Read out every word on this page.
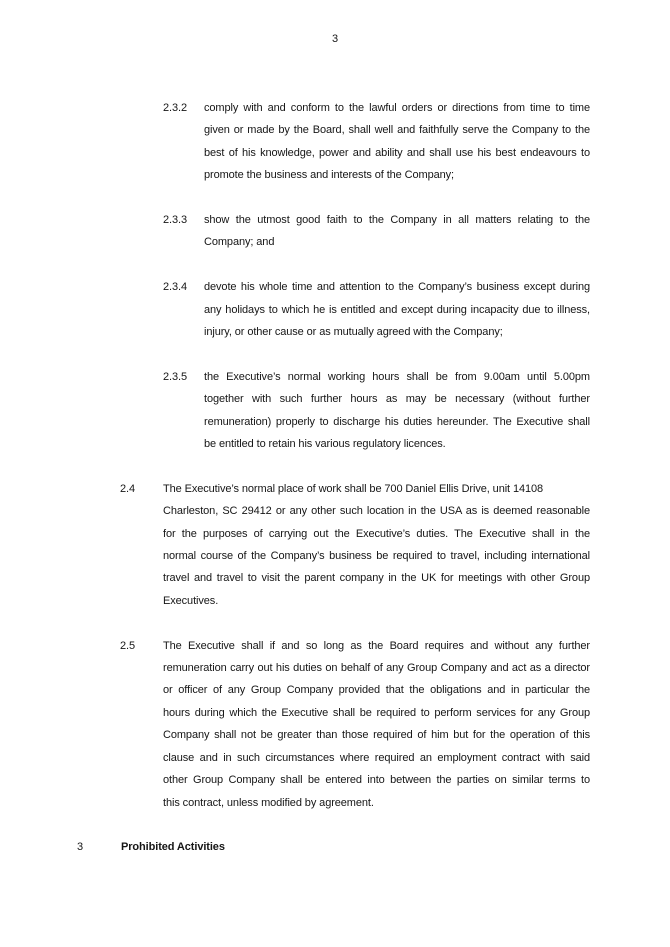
3
2.3.2	comply with and conform to the lawful orders or directions from time to time
given or made by the Board, shall well and faithfully serve the Company to the
best of his knowledge, power and ability and shall use his best endeavours to
promote the business and interests of the Company;
2.3.3	show the utmost good faith to the Company in all matters relating to the
Company; and
2.3.4	devote his whole time and attention to the Company’s business except during
any holidays to which he is entitled and except during incapacity due to illness,
injury, or other cause or as mutually agreed with the Company;
2.3.5	the Executive’s normal working hours shall be from 9.00am until 5.00pm
together with such further hours as may be necessary (without further
remuneration) properly to discharge his duties hereunder. The Executive shall
be entitled to retain his various regulatory licences.
2.4	The Executive’s normal place of work shall be 700 Daniel Ellis Drive, unit 14108
Charleston, SC 29412 or any other such location in the USA as is deemed reasonable
for the purposes of carrying out the Executive’s duties. The Executive shall in the
normal course of the Company’s business be required to travel, including international
travel and travel to visit the parent company in the UK for meetings with other Group
Executives.
2.5	The Executive shall if and so long as the Board requires and without any further
remuneration carry out his duties on behalf of any Group Company and act as a director
or officer of any Group Company provided that the obligations and in particular the
hours during which the Executive shall be required to perform services for any Group
Company shall not be greater than those required of him but for the operation of this
clause and in such circumstances where required an employment contract with said
other Group Company shall be entered into between the parties on similar terms to
this contract, unless modified by agreement.
3	Prohibited Activities
